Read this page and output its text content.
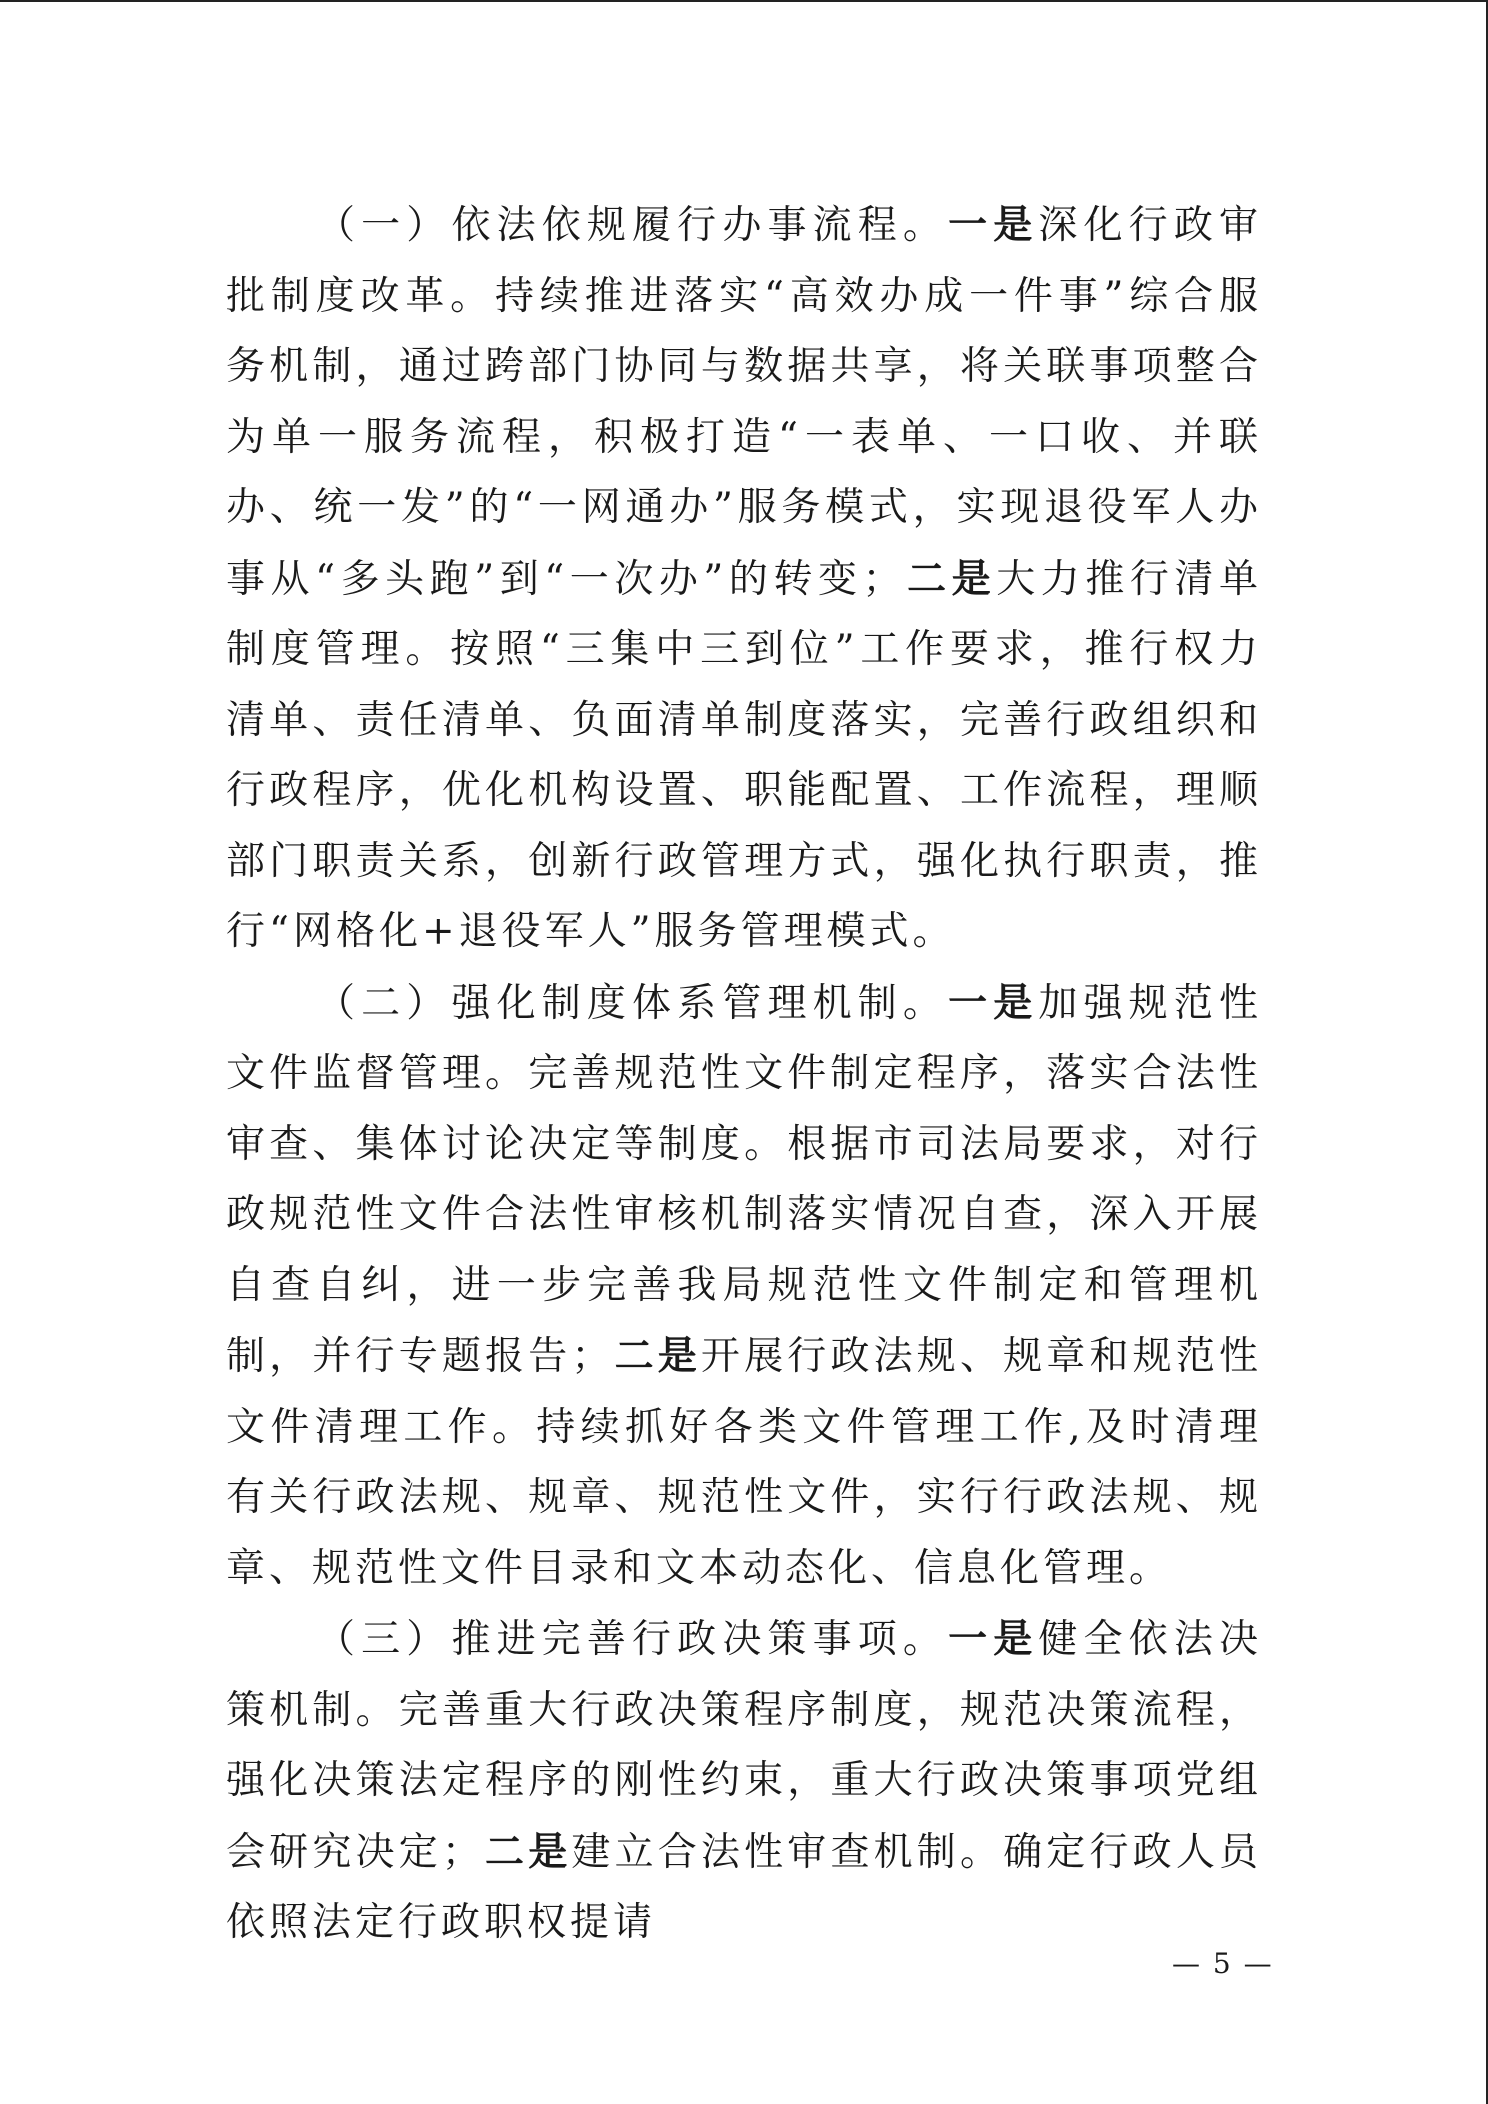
（一）依法依规履行办事流程。一是深化行政审批制度改革。持续推进落实“高效办成一件事”综合服务机制，通过跨部门协同与数据共享，将关联事项整合为单一服务流程，积极打造“一表单、一口收、并联办、统一发”的“一网通办”服务模式，实现退役军人办事从“多头跑”到“一次办”的转变；二是大力推行清单制度管理。按照“三集中三到位”工作要求，推行权力清单、责任清单、负面清单制度落实，完善行政组织和行政程序，优化机构设置、职能配置、工作流程，理顺部门职责关系，创新行政管理方式，强化执行职责，推行“网格化+退役军人”服务管理模式。

（二）强化制度体系管理机制。一是加强规范性文件监督管理。完善规范性文件制定程序，落实合法性审查、集体讨论决定等制度。根据市司法局要求，对行政规范性文件合法性审核机制落实情况自查，深入开展自查自纠，进一步完善我局规范性文件制定和管理机制，并行专题报告；二是开展行政法规、规章和规范性文件清理工作。持续抓好各类文件管理工作,及时清理有关行政法规、规章、规范性文件，实行行政法规、规章、规范性文件目录和文本动态化、信息化管理。

（三）推进完善行政决策事项。一是健全依法决策机制。完善重大行政决策程序制度，规范决策流程，强化决策法定程序的刚性约束，重大行政决策事项党组会研究决定；二是建立合法性审查机制。确定行政人员依照法定行政职权提请

— 5 —
